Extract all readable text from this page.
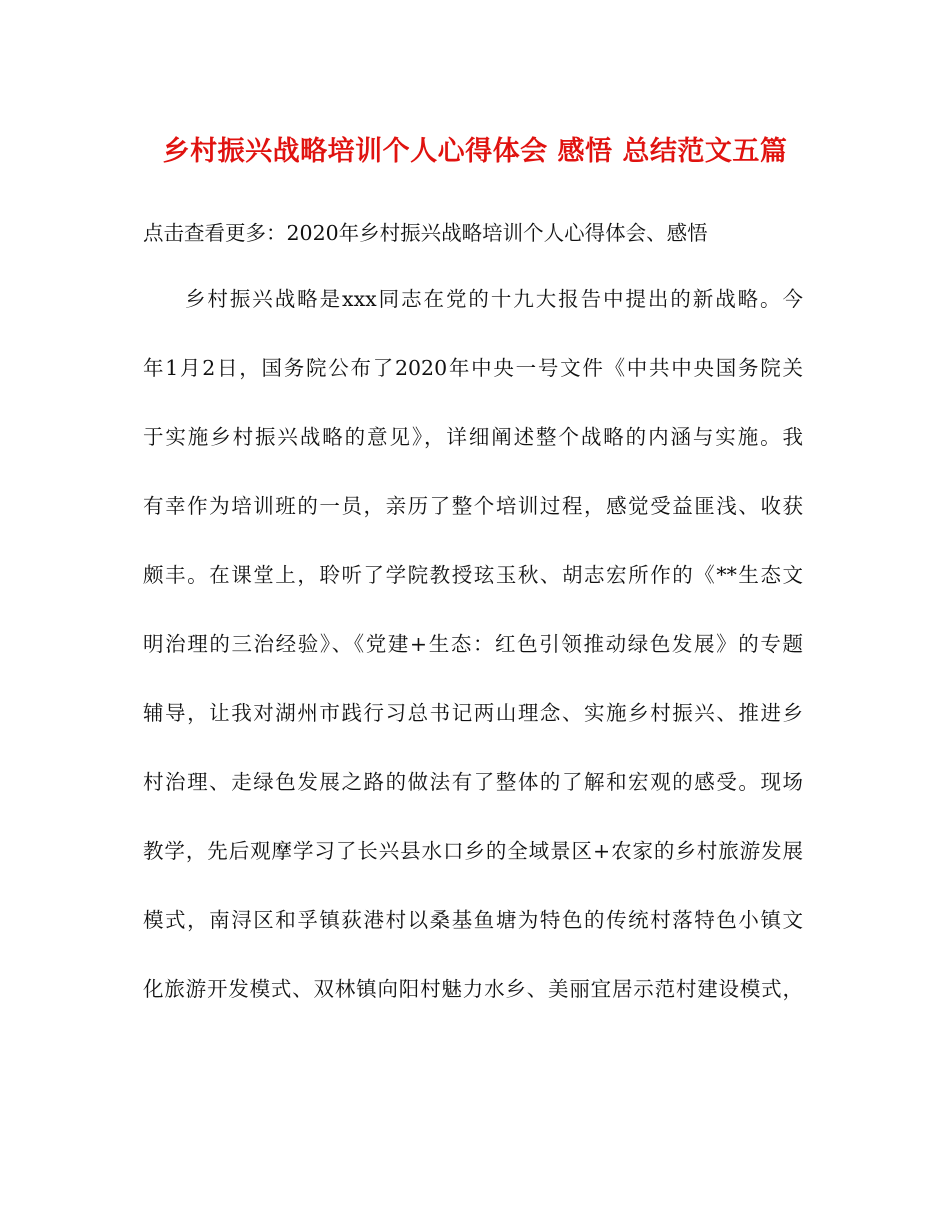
乡村振兴战略培训个人心得体会 感悟 总结范文五篇
点击查看更多：2020年乡村振兴战略培训个人心得体会、感悟
乡村振兴战略是xxx同志在党的十九大报告中提出的新战略。今
年1月2日，国务院公布了2020年中央一号文件《中共中央国务院关
于实施乡村振兴战略的意见》，详细阐述整个战略的内涵与实施。我
有幸作为培训班的一员，亲历了整个培训过程，感觉受益匪浅、收获
颇丰。在课堂上，聆听了学院教授玹玉秋、胡志宏所作的《**生态文
明治理的三治经验》、《党建+生态：红色引领推动绿色发展》的专题
辅导，让我对湖州市践行习总书记两山理念、实施乡村振兴、推进乡
村治理、走绿色发展之路的做法有了整体的了解和宏观的感受。现场
教学，先后观摩学习了长兴县水口乡的全域景区+农家的乡村旅游发展
模式，南浔区和孚镇荻港村以桑基鱼塘为特色的传统村落特色小镇文
化旅游开发模式、双林镇向阳村魅力水乡、美丽宜居示范村建设模式，
